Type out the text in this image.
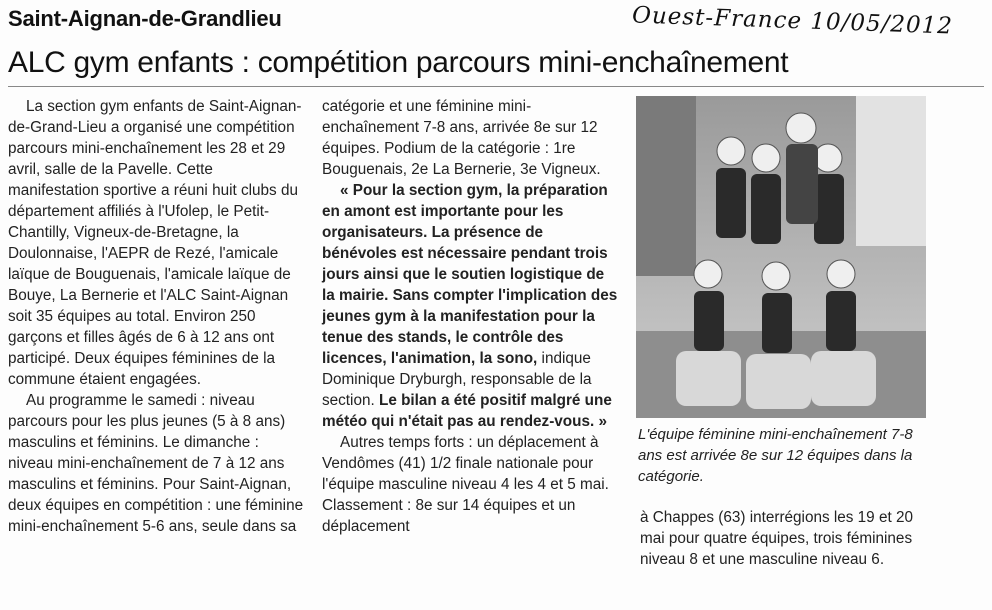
Saint-Aignan-de-Grandlieu	Ouest-France 10/05/2012
ALC gym enfants : compétition parcours mini-enchaînement

La section gym enfants de Saint-Aignan-de-Grand-Lieu a organisé une compétition parcours mini-enchaînement les 28 et 29 avril, salle de la Pavelle. Cette manifestation sportive a réuni huit clubs du département affiliés à l'Ufolep, le Petit-Chantilly, Vigneux-de-Bretagne, la Doulonnaise, l'AEPR de Rezé, l'amicale laïque de Bouguenais, l'amicale laïque de Bouye, La Bernerie et l'ALC Saint-Aignan soit 35 équipes au total. Environ 250 garçons et filles âgés de 6 à 12 ans ont participé. Deux équipes féminines de la commune étaient engagées.

Au programme le samedi : niveau parcours pour les plus jeunes (5 à 8 ans) masculins et féminins. Le dimanche : niveau mini-enchaînement de 7 à 12 ans masculins et féminins. Pour Saint-Aignan, deux équipes en compétition : une féminine mini-enchaînement 5-6 ans, seule dans sa

catégorie et une féminine mini-enchaînement 7-8 ans, arrivée 8e sur 12 équipes. Podium de la catégorie : 1re Bouguenais, 2e La Bernerie, 3e Vigneux.

« Pour la section gym, la préparation en amont est importante pour les organisateurs. La présence de bénévoles est nécessaire pendant trois jours ainsi que le soutien logistique de la mairie. Sans compter l'implication des jeunes gym à la manifestation pour la tenue des stands, le contrôle des licences, l'animation, la sono, indique Dominique Dryburgh, responsable de la section. Le bilan a été positif malgré une météo qui n'était pas au rendez-vous. »

Autres temps forts : un déplacement à Vendômes (41) 1/2 finale nationale pour l'équipe masculine niveau 4 les 4 et 5 mai. Classement : 8e sur 14 équipes et un déplacement

L'équipe féminine mini-enchaînement 7-8 ans est arrivée 8e sur 12 équipes dans la catégorie.

à Chappes (63) interrégions les 19 et 20 mai pour quatre équipes, trois féminines niveau 8 et une masculine niveau 6.
